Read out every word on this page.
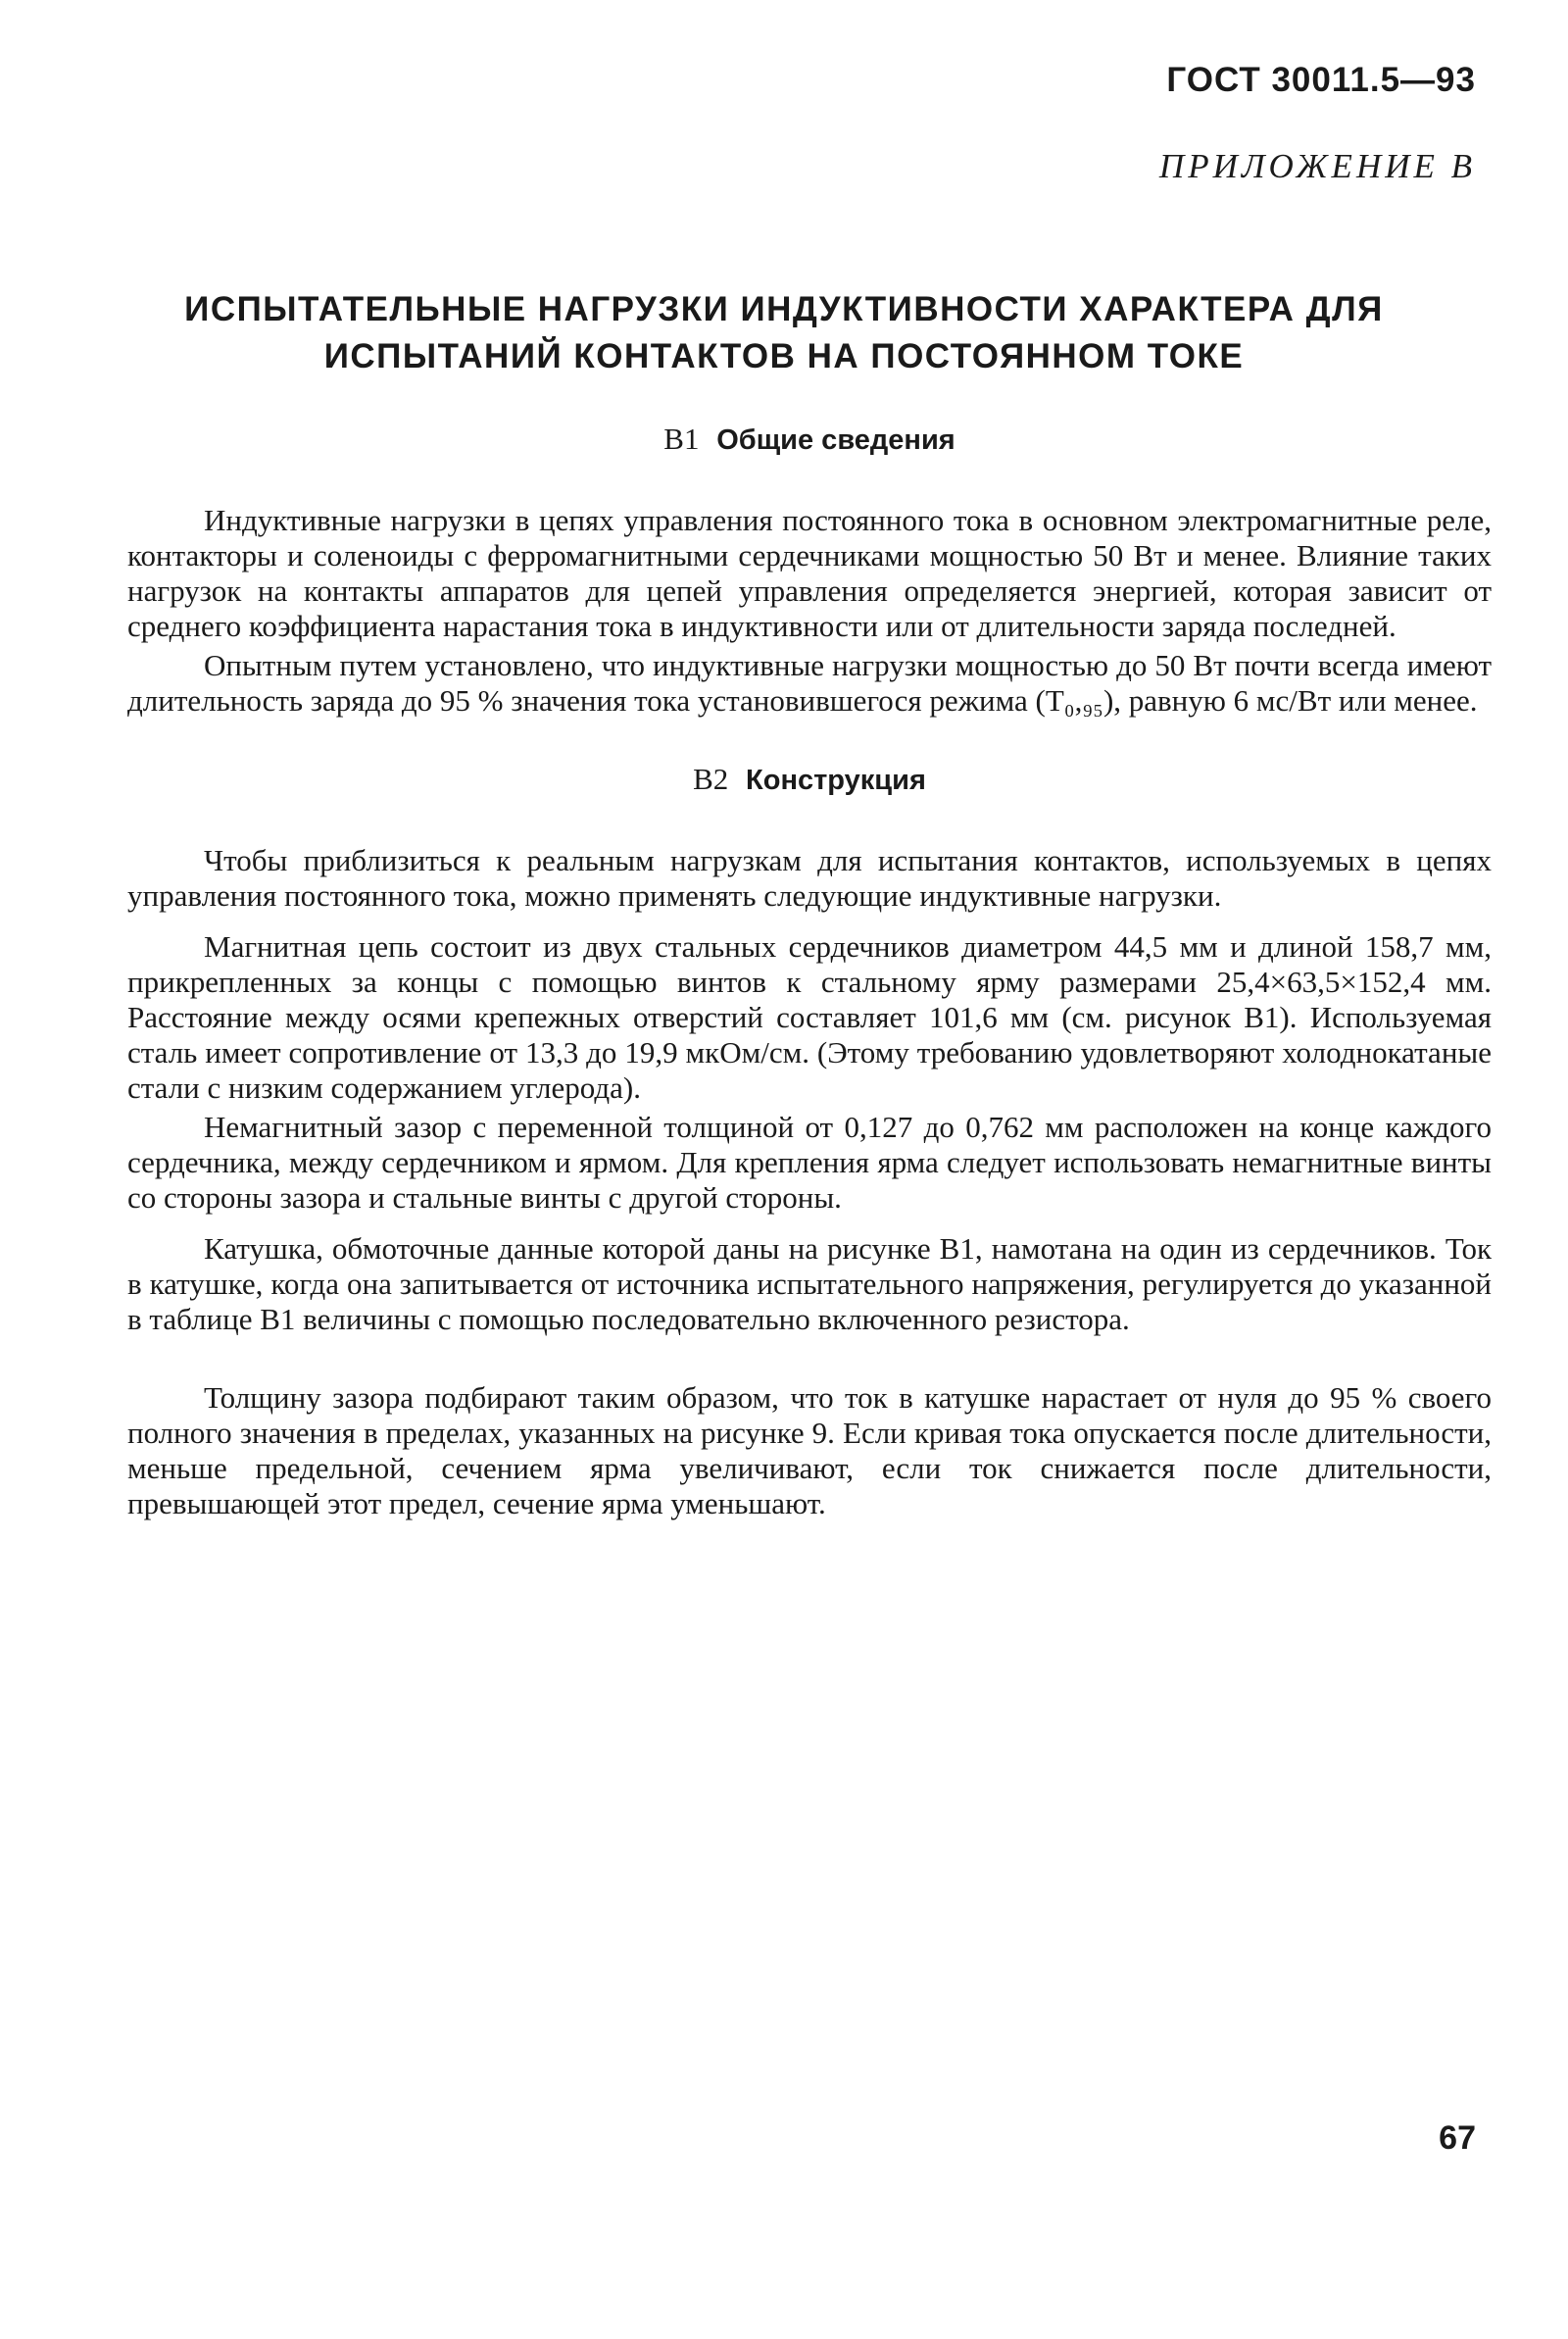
ГОСТ 30011.5—93
ПРИЛОЖЕНИЕ В
ИСПЫТАТЕЛЬНЫЕ НАГРУЗКИ ИНДУКТИВНОСТИ ХАРАКТЕРА ДЛЯ ИСПЫТАНИЙ КОНТАКТОВ НА ПОСТОЯННОМ ТОКЕ
В1 Общие сведения

Индуктивные нагрузки в цепях управления постоянного тока в основном электромагнитные реле, контакторы и соленоиды с ферромагнитными сердечниками мощностью 50 Вт и менее. Влияние таких нагрузок на контакты аппаратов для цепей управления определяется энергией, которая зависит от среднего коэффициента нарастания тока в индуктивности или от длительности заряда последней.

Опытным путем установлено, что индуктивные нагрузки мощностью до 50 Вт почти всегда имеют длительность заряда до 95 % значения тока установившегося режима (T₀,₉₅), равную 6 мс/Вт или менее.

В2 Конструкция

Чтобы приблизиться к реальным нагрузкам для испытания контактов, используемых в цепях управления постоянного тока, можно применять следующие индуктивные нагрузки.

Магнитная цепь состоит из двух стальных сердечников диаметром 44,5 мм и длиной 158,7 мм, прикрепленных за концы с помощью винтов к стальному ярму размерами 25,4×63,5×152,4 мм. Расстояние между осями крепежных отверстий составляет 101,6 мм (см. рисунок В1). Используемая сталь имеет сопротивление от 13,3 до 19,9 мкОм/см. (Этому требованию удовлетворяют холоднокатаные стали с низким содержанием углерода).

Немагнитный зазор с переменной толщиной от 0,127 до 0,762 мм расположен на конце каждого сердечника, между сердечником и ярмом. Для крепления ярма следует использовать немагнитные винты со стороны зазора и стальные винты с другой стороны.

Катушка, обмоточные данные которой даны на рисунке В1, намотана на один из сердечников. Ток в катушке, когда она запитывается от источника испытательного напряжения, регулируется до указанной в таблице В1 величины с помощью последовательно включенного резистора.

Толщину зазора подбирают таким образом, что ток в катушке нарастает от нуля до 95 % своего полного значения в пределах, указанных на рисунке 9. Если кривая тока опускается после длительности, меньше предельной, сечением ярма увеличивают, если ток снижается после длительности, превышающей этот предел, сечение ярма уменьшают.

67
